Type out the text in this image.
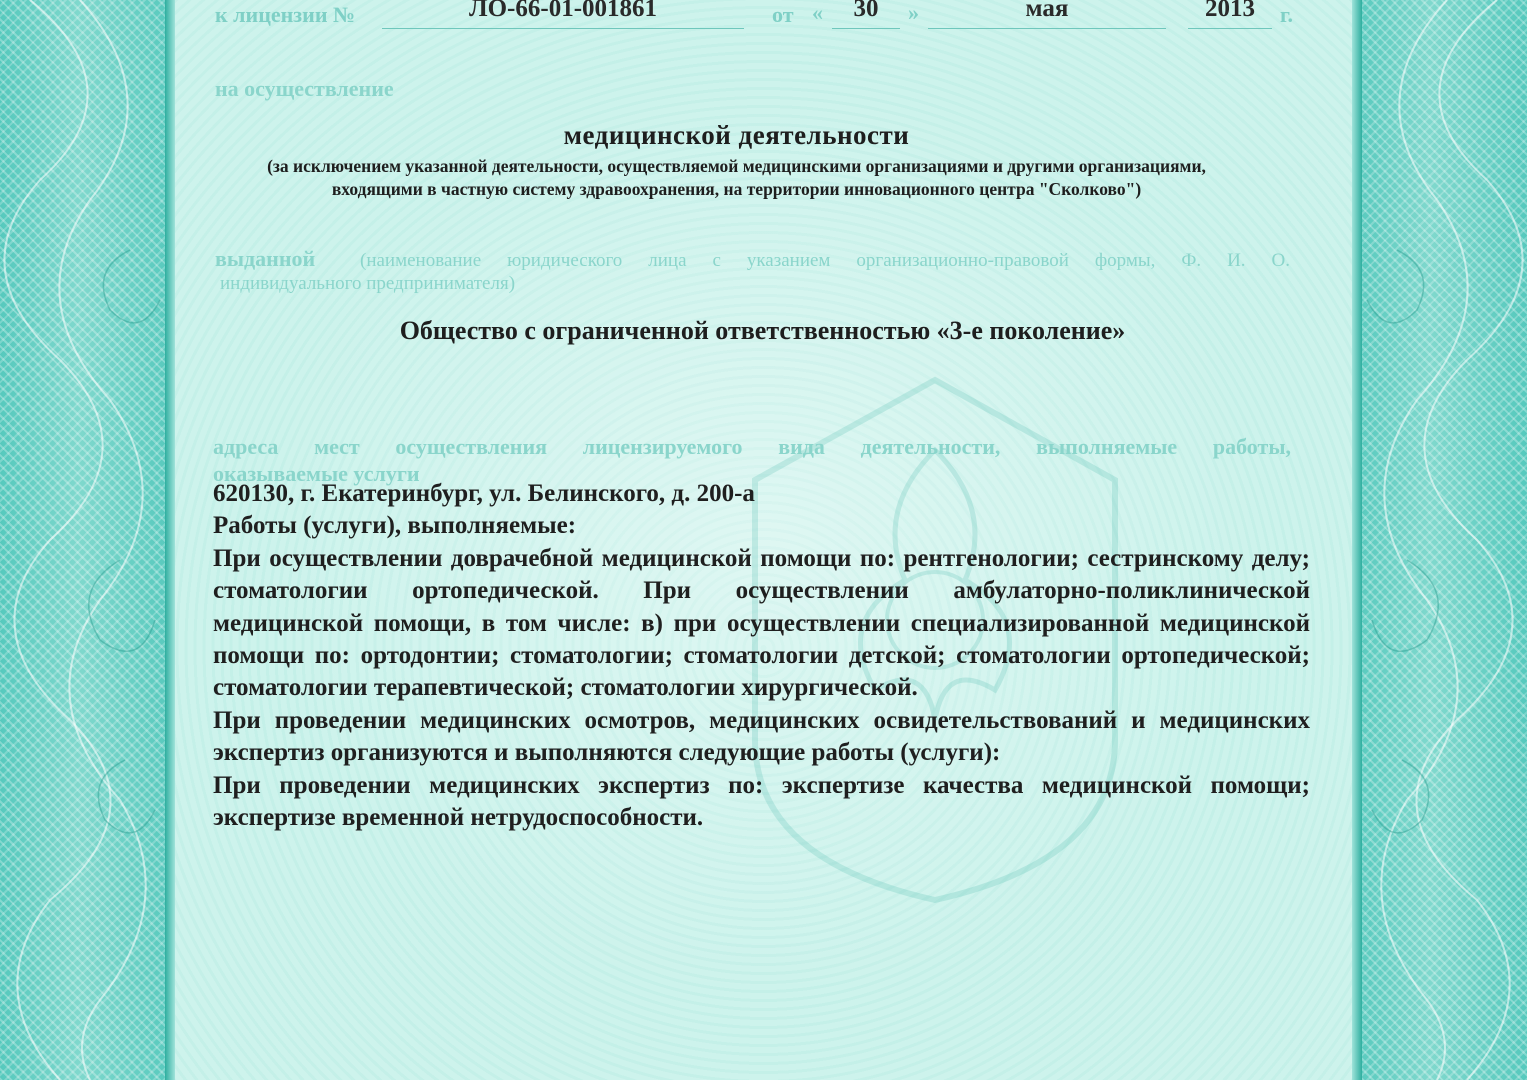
к лицензии №	ЛО-66-01-001861	от «	30	»	мая	2013	г.
на осуществление
медицинской деятельности
(за исключением указанной деятельности, осуществляемой медицинскими организациями и другими организациями, входящими в частную систему здравоохранения, на территории инновационного центра "Сколково")
выданной (наименование юридического лица с указанием организационно-правовой формы, Ф. И. О.
индивидуального предпринимателя)
Общество с ограниченной ответственностью «3-е поколение»
адреса мест осуществления лицензируемого вида деятельности, выполняемые работы,
оказываемые услуги

620130, г. Екатеринбург, ул. Белинского, д. 200-а

Работы (услуги), выполняемые:

При осуществлении доврачебной медицинской помощи по: рентгенологии; сестринскому делу; стоматологии ортопедической. При осуществлении амбулаторно-поликлинической медицинской помощи, в том числе: в) при осуществлении специализированной медицинской помощи по: ортодонтии; стоматологии; стоматологии детской; стоматологии ортопедической; стоматологии терапевтической; стоматологии хирургической.

При проведении медицинских осмотров, медицинских освидетельствований и медицинских экспертиз организуются и выполняются следующие работы (услуги):

При проведении медицинских экспертиз по: экспертизе качества медицинской помощи; экспертизе временной нетрудоспособности.
